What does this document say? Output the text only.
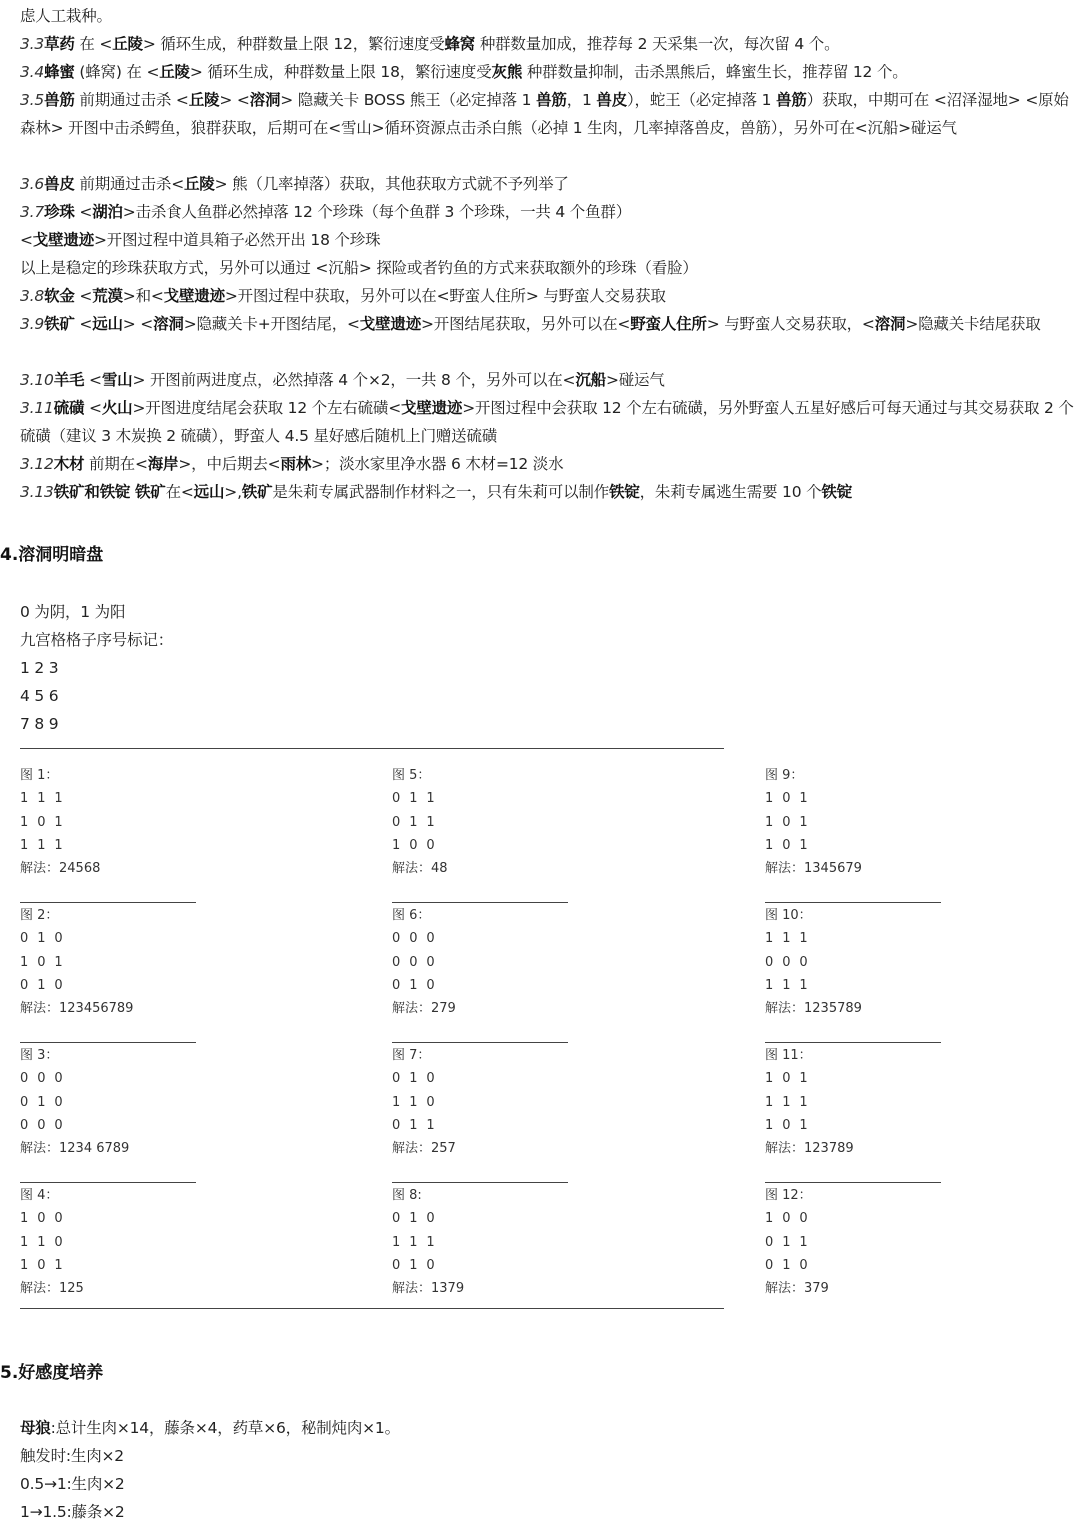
虑人工栽种。
3.3草药 在 <丘陵> 循环生成，种群数量上限 12，繁衍速度受蜂窝 种群数量加成，推荐每 2 天采集一次，每次留 4 个。
3.4蜂蜜 (蜂窝) 在 <丘陵> 循环生成，种群数量上限 18，繁衍速度受灰熊 种群数量抑制，击杀黑熊后，蜂蜜生长，推荐留 12 个。
3.5兽筋 前期通过击杀 <丘陵> <溶洞> 隐藏关卡 BOSS 熊王（必定掉落 1 兽筋，1 兽皮），蛇王（必定掉落 1 兽筋）获取，中期可在 <沼泽湿地> <原始森林> 开图中击杀鳄鱼，狼群获取，后期可在<雪山>循环资源点击杀白熊（必掉 1 生肉，几率掉落兽皮，兽筋），另外可在<沉船>碰运气
3.6兽皮 前期通过击杀<丘陵> 熊（几率掉落）获取，其他获取方式就不予列举了
3.7珍珠 <湖泊>击杀食人鱼群必然掉落 12 个珍珠（每个鱼群 3 个珍珠，一共 4 个鱼群）
<戈壁遗迹>开图过程中道具箱子必然开出 18 个珍珠
以上是稳定的珍珠获取方式，另外可以通过 <沉船> 探险或者钓鱼的方式来获取额外的珍珠（看脸）
3.8软金 <荒漠>和<戈壁遗迹>开图过程中获取，另外可以在<野蛮人住所> 与野蛮人交易获取
3.9铁矿 <远山> <溶洞>隐藏关卡+开图结尾，<戈壁遗迹>开图结尾获取，另外可以在<野蛮人住所> 与野蛮人交易获取，<溶洞>隐藏关卡结尾获取
3.10羊毛 <雪山> 开图前两进度点，必然掉落 4 个×2，一共 8 个，另外可以在<沉船>碰运气
3.11硫磺 <火山>开图进度结尾会获取 12 个左右硫磺<戈壁遗迹>开图过程中会获取 12 个左右硫磺，另外野蛮人五星好感后可每天通过与其交易获取 2 个硫磺（建议 3 木炭换 2 硫磺），野蛮人 4.5 星好感后随机上门赠送硫磺
3.12木材 前期在<海岸>，中后期去<雨林>；淡水家里净水器 6 木材=12 淡水
3.13铁矿和铁锭 铁矿在<远山>,铁矿是朱莉专属武器制作材料之一，只有朱莉可以制作铁锭，朱莉专属逃生需要 10 个铁锭
4.溶洞明暗盘
0 为阴，1 为阳
九宫格格子序号标记：
1 2 3
4 5 6
7 8 9
图 1：
1 1 1
1 0 1
1 1 1
解法：24568
图 2：
0 1 0
1 0 1
0 1 0
解法：123456789
图 3：
0 0 0
0 1 0
0 0 0
解法：1234 6789
图 4：
1 0 0
1 1 0
1 0 1
解法：125
图 5：
0 1 1
0 1 1
1 0 0
解法：48
图 6：
0 0 0
0 0 0
0 1 0
解法：279
图 7：
0 1 0
1 1 0
0 1 1
解法：257
图 8:
0 1 0
1 1 1
0 1 0
解法：1379
图 9：
1 0 1
1 0 1
1 0 1
解法：1345679
图 10：
1 1 1
0 0 0
1 1 1
解法：1235789
图 11：
1 0 1
1 1 1
1 0 1
解法：123789
图 12：
1 0 0
0 1 1
0 1 0
解法：379
5.好感度培养
母狼:总计生肉×14，藤条×4，药草×6，秘制炖肉×1。
触发时:生肉×2
0.5→1:生肉×2
1→1.5:藤条×2
